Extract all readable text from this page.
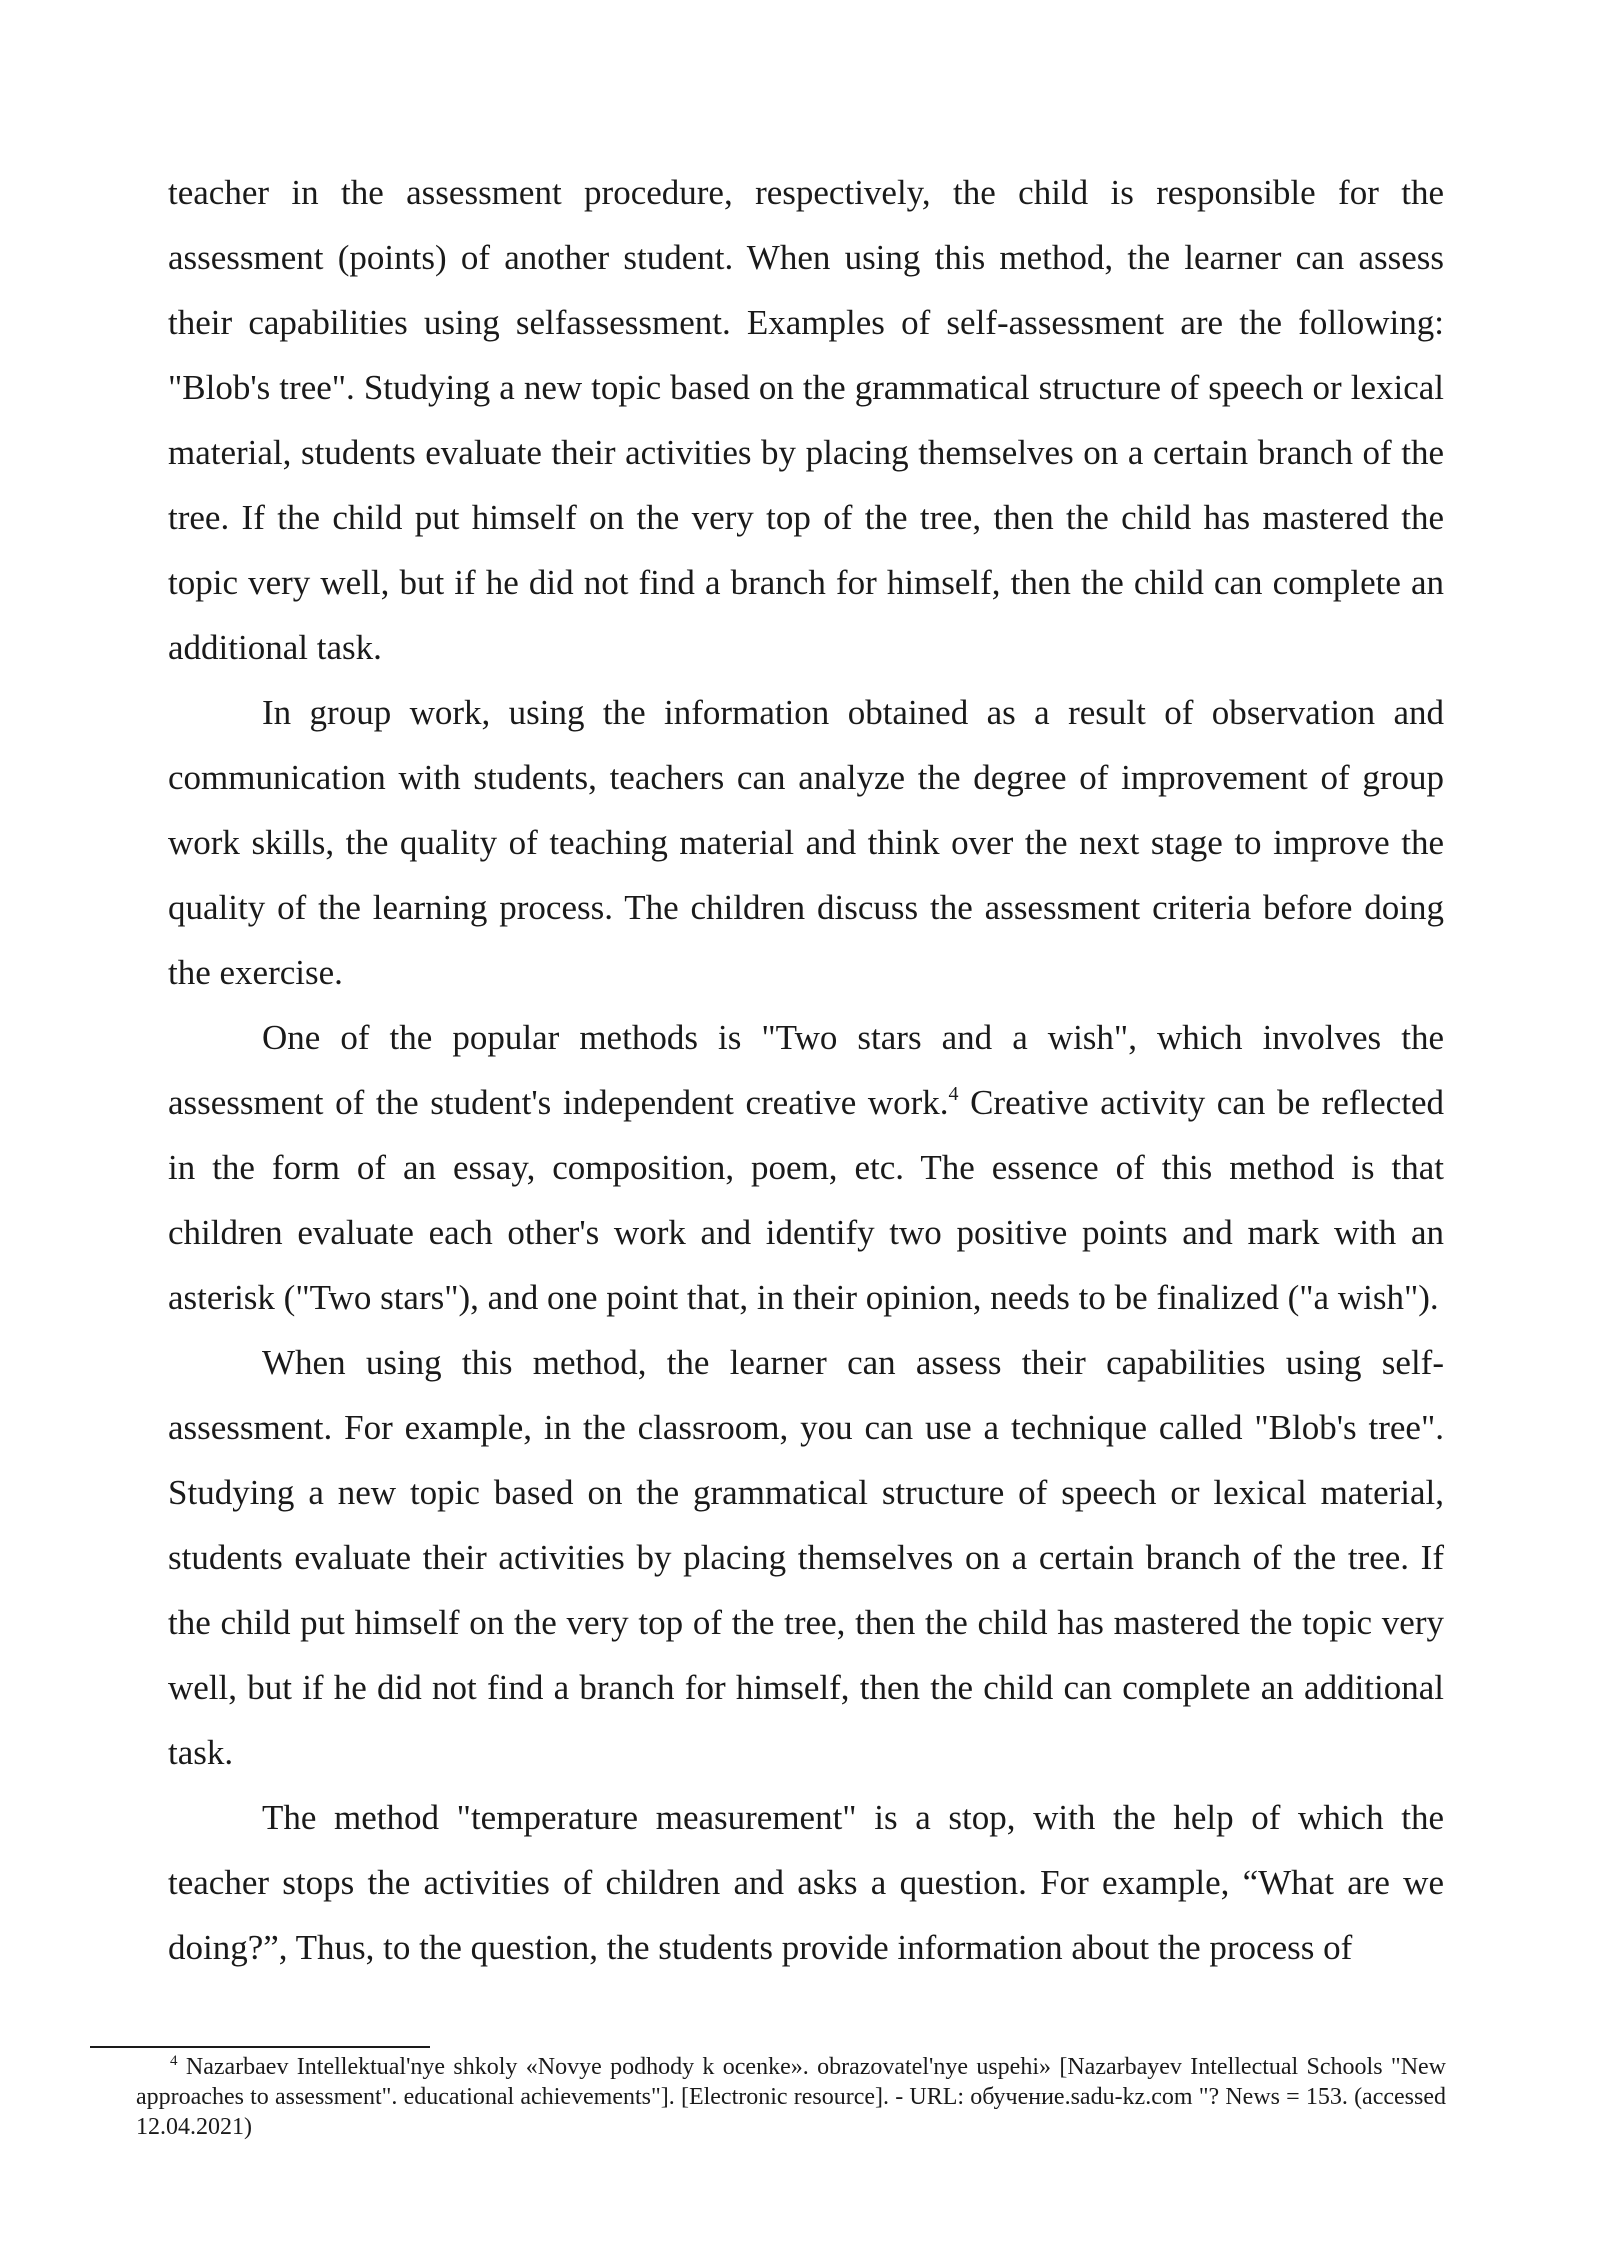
teacher in the assessment procedure, respectively, the child is responsible for the assessment (points) of another student. When using this method, the learner can assess their capabilities using selfassessment. Examples of self-assessment are the following: "Blob's tree". Studying a new topic based on the grammatical structure of speech or lexical material, students evaluate their activities by placing themselves on a certain branch of the tree. If the child put himself on the very top of the tree, then the child has mastered the topic very well, but if he did not find a branch for himself, then the child can complete an additional task.

In group work, using the information obtained as a result of observation and communication with students, teachers can analyze the degree of improvement of group work skills, the quality of teaching material and think over the next stage to improve the quality of the learning process. The children discuss the assessment criteria before doing the exercise.

One of the popular methods is "Two stars and a wish", which involves the assessment of the student's independent creative work.$^4$ Creative activity can be reflected in the form of an essay, composition, poem, etc. The essence of this method is that children evaluate each other's work and identify two positive points and mark with an asterisk ("Two stars"), and one point that, in their opinion, needs to be finalized ("a wish").

When using this method, the learner can assess their capabilities using self-assessment. For example, in the classroom, you can use a technique called "Blob's tree". Studying a new topic based on the grammatical structure of speech or lexical material, students evaluate their activities by placing themselves on a certain branch of the tree. If the child put himself on the very top of the tree, then the child has mastered the topic very well, but if he did not find a branch for himself, then the child can complete an additional task.

The method "temperature measurement" is a stop, with the help of which the teacher stops the activities of children and asks a question. For example, “What are we doing?”, Thus, to the question, the students provide information about the process of

$^4$ Nazarbaev Intellektual'nye shkoly «Novye podhody k ocenke». obrazovatel'nye uspehi» [Nazarbayev Intellectual Schools "New approaches to assessment". educational achievements"]. [Electronic resource]. - URL: обучение.sadu-kz.com "? News = 153. (accessed 12.04.2021)
